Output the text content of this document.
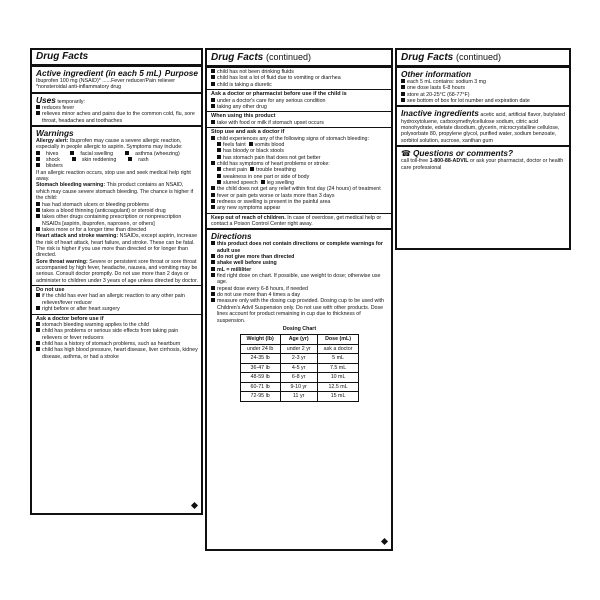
Drug Facts
Active ingredient (in each 5 mL) Purpose
Ibuprofen 100 mg (NSAID)* ......Fever reducer/Pain reliever
*nonsteroidal anti-inflammatory drug
Uses temporarily:
reduces fever
relieves minor aches and pains due to the common cold, flu, sore throat, headaches and toothaches
Warnings
Allergy alert: Ibuprofen may cause a severe allergic reaction, especially in people allergic to aspirin. Symptoms may include:
hives	facial swelling	asthma (wheezing)
shock	skin reddening	rash
blisters
If an allergic reaction occurs, stop use and seek medical help right away.
Stomach bleeding warning: This product contains an NSAID, which may cause severe stomach bleeding. The chance is higher if the child:
has had stomach ulcers or bleeding problems
takes a blood thinning (anticoagulant) or steroid drug
takes other drugs containing prescription or nonprescription NSAIDs [aspirin, ibuprofen, naproxen, or others]
takes more or for a longer time than directed
Heart attack and stroke warning: NSAIDs, except aspirin, increase the risk of heart attack, heart failure, and stroke. These can be fatal. The risk is higher if you use more than directed or for longer than directed.
Sore throat warning: Severe or persistent sore throat or sore throat accompanied by high fever, headache, nausea, and vomiting may be serious. Consult doctor promptly. Do not use more than 2 days or administer to children under 3 years of age unless directed by doctor.
Do not use
if the child has ever had an allergic reaction to any other pain reliever/fever reducer
right before or after heart surgery
Ask a doctor before use if
stomach bleeding warning applies to the child
child has problems or serious side effects from taking pain relievers or fever reducers
child has a history of stomach problems, such as heartburn
child has high blood pressure, heart disease, liver cirrhosis, kidney disease, asthma, or had a stroke
Drug Facts (continued)
child has not been drinking fluids
child has lost a lot of fluid due to vomiting or diarrhea
child is taking a diuretic
Ask a doctor or pharmacist before use if the child is
under a doctor's care for any serious condition
taking any other drug
When using this product
take with food or milk if stomach upset occurs
Stop use and ask a doctor if
child experiences any of the following signs of stomach bleeding:
feels faint vomits blood
has bloody or black stools
has stomach pain that does not get better
child has symptoms of heart problems or stroke:
chest pain trouble breathing
weakness in one part or side of body
slurred speech leg swelling
the child does not get any relief within first day (24 hours) of treatment
fever or pain gets worse or lasts more than 3 days
redness or swelling is present in the painful area
any new symptoms appear
Keep out of reach of children. In case of overdose, get medical help or contact a Poison Control Center right away.
Directions
this product does not contain directions or complete warnings for adult use
do not give more than directed
shake well before using
mL = milliliter
find right dose on chart. If possible, use weight to dose; otherwise use age.
repeat dose every 6-8 hours, if needed
do not use more than 4 times a day
measure only with the dosing cup provided. Dosing cup to be used with Children's Advil Suspension only. Do not use with other products. Dose lines account for product remaining in cup due to thickness of suspension.
Dosing Chart
Weight (lb)	Age (yr)	Dose (mL)
under 24 lb	under 2 yr	ask a doctor
24-35 lb	2-3 yr	5 mL
36-47 lb	4-5 yr	7.5 mL
48-59 lb	6-8 yr	10 mL
60-71 lb	9-10 yr	12.5 mL
72-95 lb	11 yr	15 mL
Drug Facts (continued)
Other information
each 5 mL contains: sodium 3 mg
one dose lasts 6-8 hours
store at 20-25°C (68-77°F)
see bottom of box for lot number and expiration date
Inactive ingredients acetic acid, artificial flavor, butylated hydroxytoluene, carboxymethylcellulose sodium, citric acid monohydrate, edetate disodium, glycerin, microcrystalline cellulose, polysorbate 80, propylene glycol, purified water, sodium benzoate, sorbitol solution, sucrose, xanthan gum
☎ Questions or comments?
call toll-free 1-800-88-ADVIL or ask your pharmacist, doctor or health care professional
